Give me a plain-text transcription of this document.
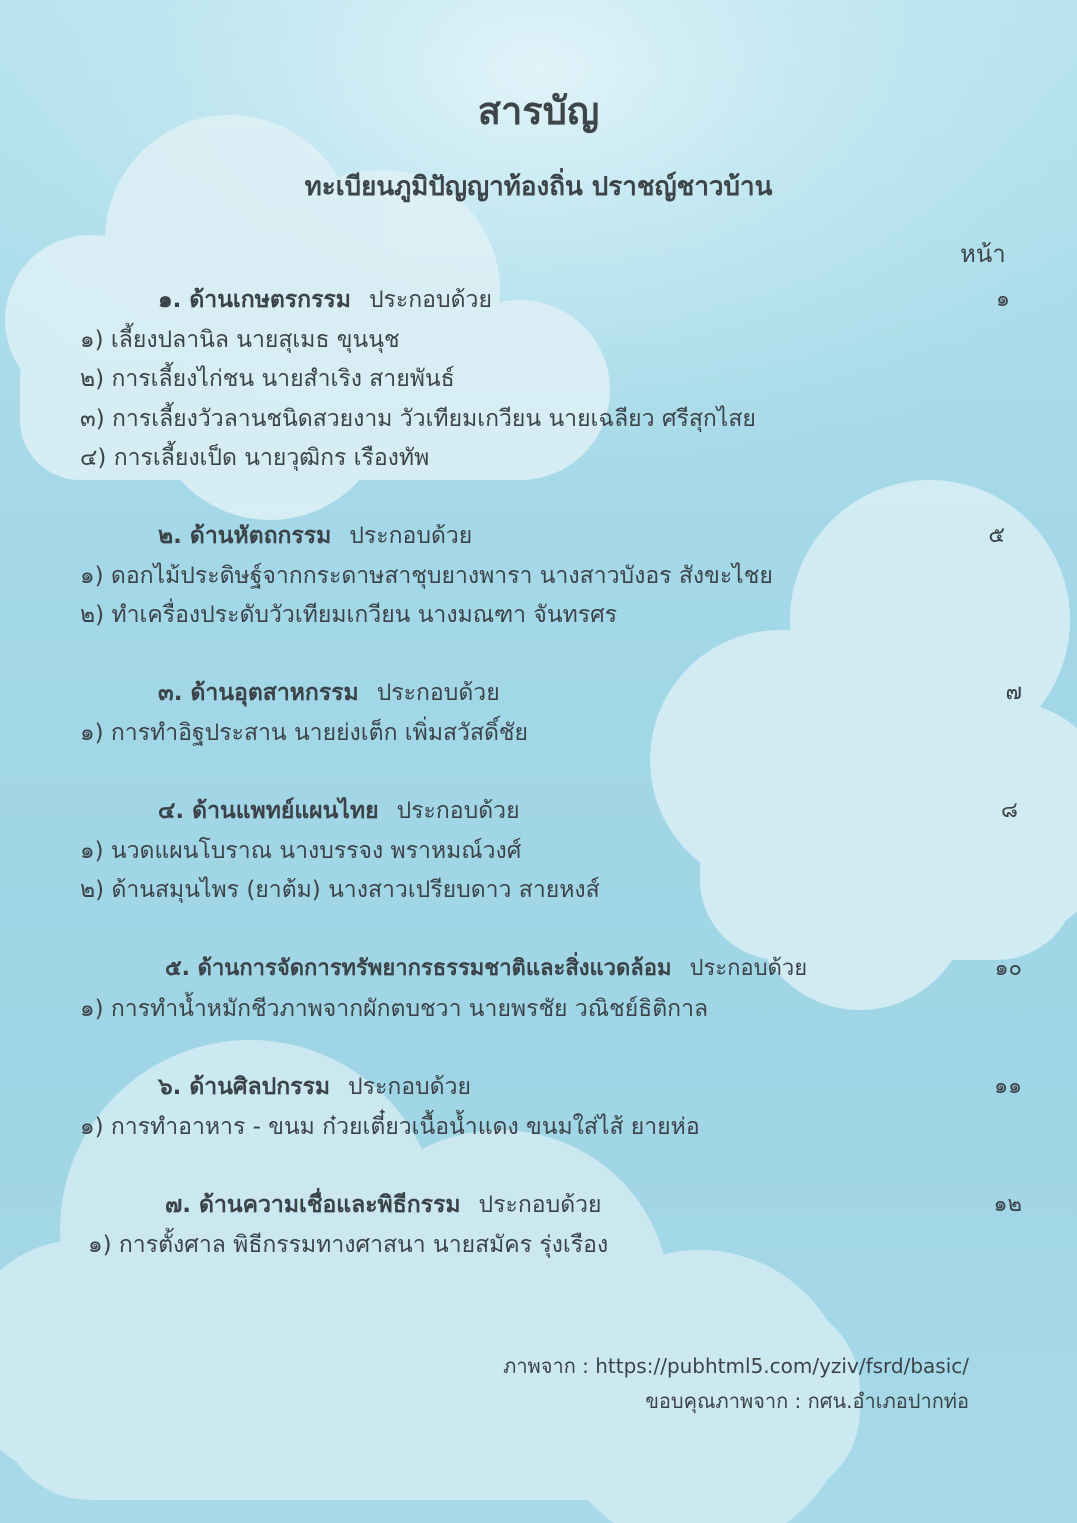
สารบัญ
ทะเบียนภูมิปัญญาท้องถิ่น ปราชญ์ชาวบ้าน
หน้า
๑. ด้านเกษตรกรรม ประกอบด้วย	๑
๑) เลี้ยงปลานิล นายสุเมธ ขุนนุช
๒) การเลี้ยงไก่ชน นายสำเริง สายพันธ์
๓) การเลี้ยงวัวลานชนิดสวยงาม วัวเทียมเกวียน นายเฉลียว ศรีสุกไสย
๔) การเลี้ยงเป็ด นายวุฒิกร เรืองทัพ
๒. ด้านหัตถกรรม ประกอบด้วย	๕
๑) ดอกไม้ประดิษฐ์จากกระดาษสาชุบยางพารา นางสาวบังอร สังขะไชย
๒) ทำเครื่องประดับวัวเทียมเกวียน นางมณฑา จันทรศร
๓. ด้านอุตสาหกรรม ประกอบด้วย	๗
๑) การทำอิฐประสาน นายย่งเต็ก เพิ่มสวัสดิ์ชัย
๔. ด้านแพทย์แผนไทย ประกอบด้วย	๘
๑) นวดแผนโบราณ นางบรรจง พราหมณ์วงศ์
๒) ด้านสมุนไพร (ยาต้ม) นางสาวเปรียบดาว สายหงส์
๕. ด้านการจัดการทรัพยากรธรรมชาติและสิ่งแวดล้อม ประกอบด้วย	๑๐
๑) การทำน้ำหมักชีวภาพจากผักตบชวา นายพรชัย วณิชย์ธิติกาล
๖. ด้านศิลปกรรม ประกอบด้วย	๑๑
๑) การทำอาหาร - ขนม ก๋วยเตี๋ยวเนื้อน้ำแดง ขนมใส่ไส้ ยายห่อ
๗. ด้านความเชื่อและพิธีกรรม ประกอบด้วย	๑๒
๑) การตั้งศาล พิธีกรรมทางศาสนา นายสมัคร รุ่งเรือง
ภาพจาก : https://pubhtml5.com/yziv/fsrd/basic/
ขอบคุณภาพจาก : กศน.อำเภอปากท่อ
